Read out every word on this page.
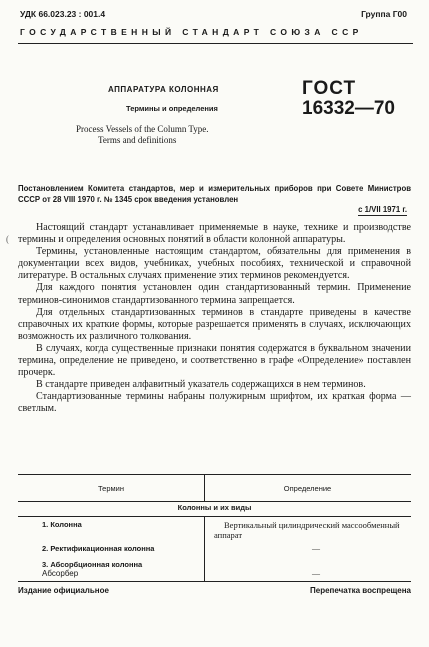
УДК 66.023.23 : 001.4	Группа Г00
ГОСУДАРСТВЕННЫЙ СТАНДАРТ СОЮЗА ССР
АППАРАТУРА КОЛОННАЯ
Термины и определения
Process Vessels of the Column Type.
Terms and definitions
ГОСТ
16332—70
Постановлением Комитета стандартов, мер и измерительных приборов при Совете Министров СССР от 28 VIII 1970 г. № 1345 срок введения установлен
с 1/VII 1971 г.
(

Настоящий стандарт устанавливает применяемые в науке, технике и производстве термины и определения основных понятий в области колонной аппаратуры.

Термины, установленные настоящим стандартом, обязательны для применения в документации всех видов, учебниках, учебных пособиях, технической и справочной литературе. В остальных случаях применение этих терминов рекомендуется.

Для каждого понятия установлен один стандартизованный термин. Применение терминов-синонимов стандартизованного термина запрещается.

Для отдельных стандартизованных терминов в стандарте приведены в качестве справочных их краткие формы, которые разрешается применять в случаях, исключающих возможность их различного толкования.

В случаях, когда существенные признаки понятия содержатся в буквальном значении термина, определение не приведено, и соответственно в графе «Определение» поставлен прочерк.

В стандарте приведен алфавитный указатель содержащихся в нем терминов.

Стандартизованные термины набраны полужирным шрифтом, их краткая форма — светлым.

Термин	Определение
Колонны и их виды
1. Колонна	Вертикальный цилиндрический массообменный аппарат
2. Ректификационная колонна	—
3. Абсорбционная колонна
Абсорбер	—
Издание официальное	Перепечатка воспрещена
